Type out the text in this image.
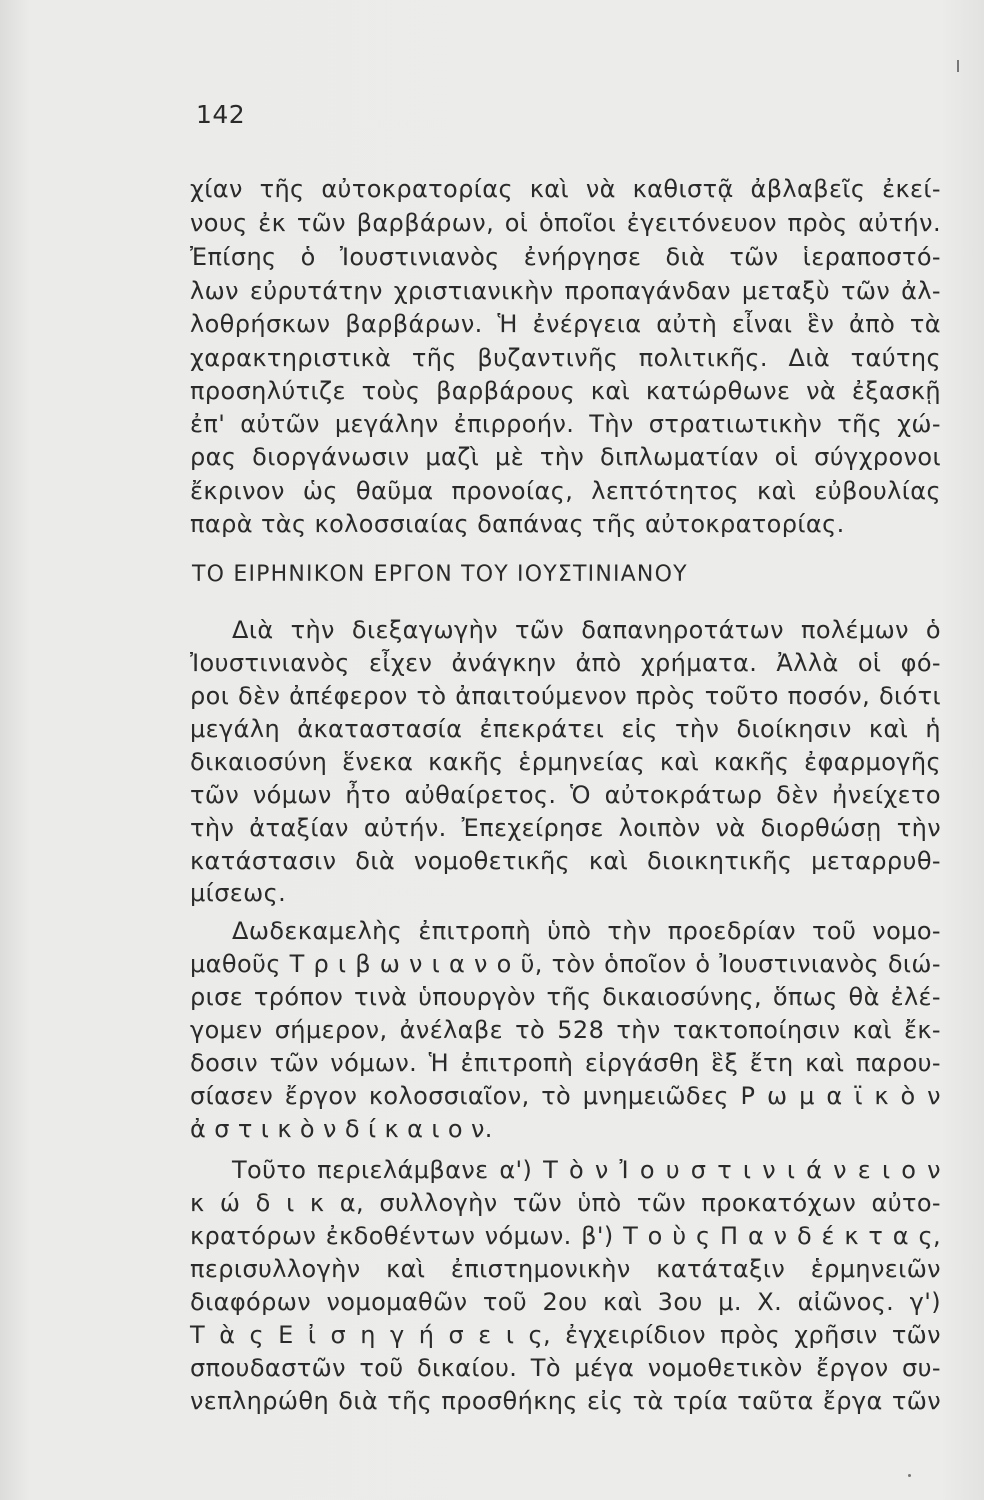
142
χίαν τῆς αὐτοκρατορίας καὶ νὰ καθιστᾷ ἀβλαβεῖς ἐκεί-
νους ἐκ τῶν βαρβάρων, οἱ ὁποῖοι ἐγειτόνευον πρὸς αὐτήν.
Ἐπίσης ὁ Ἰουστινιανὸς ἐνήργησε διὰ τῶν ἱεραποστό-
λων εὐρυτάτην χριστιανικὴν προπαγάνδαν μεταξὺ τῶν ἀλ-
λοθρήσκων βαρβάρων. Ἡ ἐνέργεια αὐτὴ εἶναι ἓν ἀπὸ τὰ
χαρακτηριστικὰ τῆς βυζαντινῆς πολιτικῆς. Διὰ ταύτης
προσηλύτιζε τοὺς βαρβάρους καὶ κατώρθωνε νὰ ἐξασκῇ
ἐπ' αὐτῶν μεγάλην ἐπιρροήν. Τὴν στρατιωτικὴν τῆς χώ-
ρας διοργάνωσιν μαζὶ μὲ τὴν διπλωματίαν οἱ σύγχρονοι
ἔκρινον ὡς θαῦμα προνοίας, λεπτότητος καὶ εὐβουλίας
παρὰ τὰς κολοσσιαίας δαπάνας τῆς αὐτοκρατορίας.
ΤΟ ΕΙΡΗΝΙΚΟΝ ΕΡΓΟΝ ΤΟΥ ΙΟΥΣΤΙΝΙΑΝΟΥ
Διὰ τὴν διεξαγωγὴν τῶν δαπανηροτάτων πολέμων ὁ
Ἰουστινιανὸς εἶχεν ἀνάγκην ἀπὸ χρήματα. Ἀλλὰ οἱ φό-
ροι δὲν ἀπέφερον τὸ ἀπαιτούμενον πρὸς τοῦτο ποσόν, διότι
μεγάλη ἀκαταστασία ἐπεκράτει εἰς τὴν διοίκησιν καὶ ἡ
δικαιοσύνη ἕνεκα κακῆς ἑρμηνείας καὶ κακῆς ἐφαρμογῆς
τῶν νόμων ἦτο αὐθαίρετος. Ὁ αὐτοκράτωρ δὲν ἠνείχετο
τὴν ἀταξίαν αὐτήν. Ἐπεχείρησε λοιπὸν νὰ διορθώσῃ τὴν
κατάστασιν διὰ νομοθετικῆς καὶ διοικητικῆς μεταρρυθ-
μίσεως.
Δωδεκαμελὴς ἐπιτροπὴ ὑπὸ τὴν προεδρίαν τοῦ νομο-
μαθοῦς Τ ρ ι β ω ν ι α ν ο ῦ, τὸν ὁποῖον ὁ Ἰουστινιανὸς διώ-
ρισε τρόπον τινὰ ὑπουργὸν τῆς δικαιοσύνης, ὅπως θὰ ἐλέ-
γομεν σήμερον, ἀνέλαβε τὸ 528 τὴν τακτοποίησιν καὶ ἔκ-
δοσιν τῶν νόμων. Ἡ ἐπιτροπὴ εἰργάσθη ἓξ ἔτη καὶ παρου-
σίασεν ἔργον κολοσσιαῖον, τὸ μνημειῶδες Ρ ω μ α ϊ κ ὸ ν
ἀ σ τ ι κ ὸ ν δ ί κ α ι ο ν.
Τοῦτο περιελάμβανε α') Τ ὸ ν Ἰ ο υ σ τ ι ν ι ά ν ε ι ο ν
κ ώ δ ι κ α, συλλογὴν τῶν ὑπὸ τῶν προκατόχων αὐτο-
κρατόρων ἐκδοθέντων νόμων. β') Τ ο ὺ ς Π α ν δ έ κ τ α ς,
περισυλλογὴν καὶ ἐπιστημονικὴν κατάταξιν ἑρμηνειῶν
διαφόρων νομομαθῶν τοῦ 2ου καὶ 3ου μ. Χ. αἰῶνος. γ')
Τ ὰ ς Ε ἰ σ η γ ή σ ε ι ς, ἐγχειρίδιον πρὸς χρῆσιν τῶν
σπουδαστῶν τοῦ δικαίου. Τὸ μέγα νομοθετικὸν ἔργον συ-
νεπληρώθη διὰ τῆς προσθήκης εἰς τὰ τρία ταῦτα ἔργα τῶν
